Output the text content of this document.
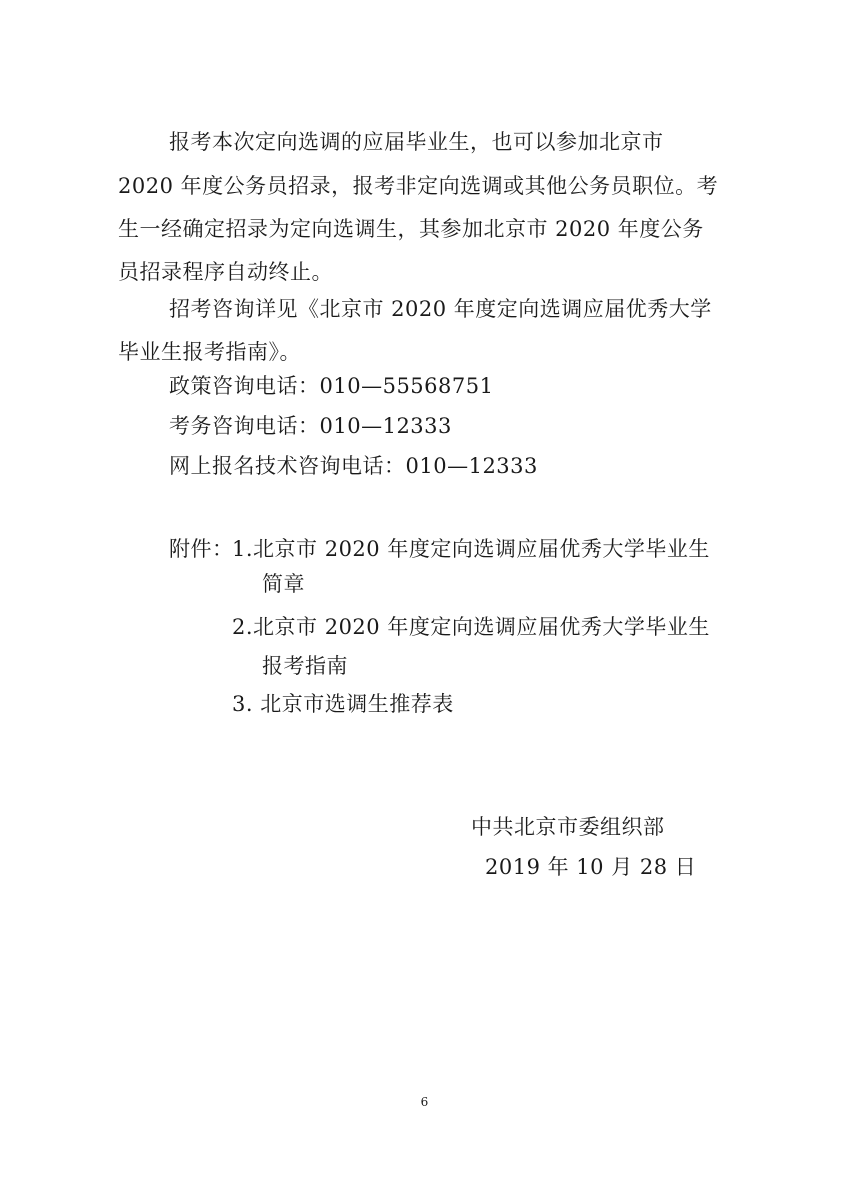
报考本次定向选调的应届毕业生，也可以参加北京市
2020 年度公务员招录，报考非定向选调或其他公务员职位。考
生一经确定招录为定向选调生，其参加北京市 2020 年度公务
员招录程序自动终止。
招考咨询详见《北京市 2020 年度定向选调应届优秀大学
毕业生报考指南》。
政策咨询电话：010—55568751
考务咨询电话：010—12333
网上报名技术咨询电话：010—12333
附件：
1.北京市 2020 年度定向选调应届优秀大学毕业生
简章
2.北京市 2020 年度定向选调应届优秀大学毕业生
报考指南
3. 北京市选调生推荐表
中共北京市委组织部
2019 年 10 月 28 日
6
